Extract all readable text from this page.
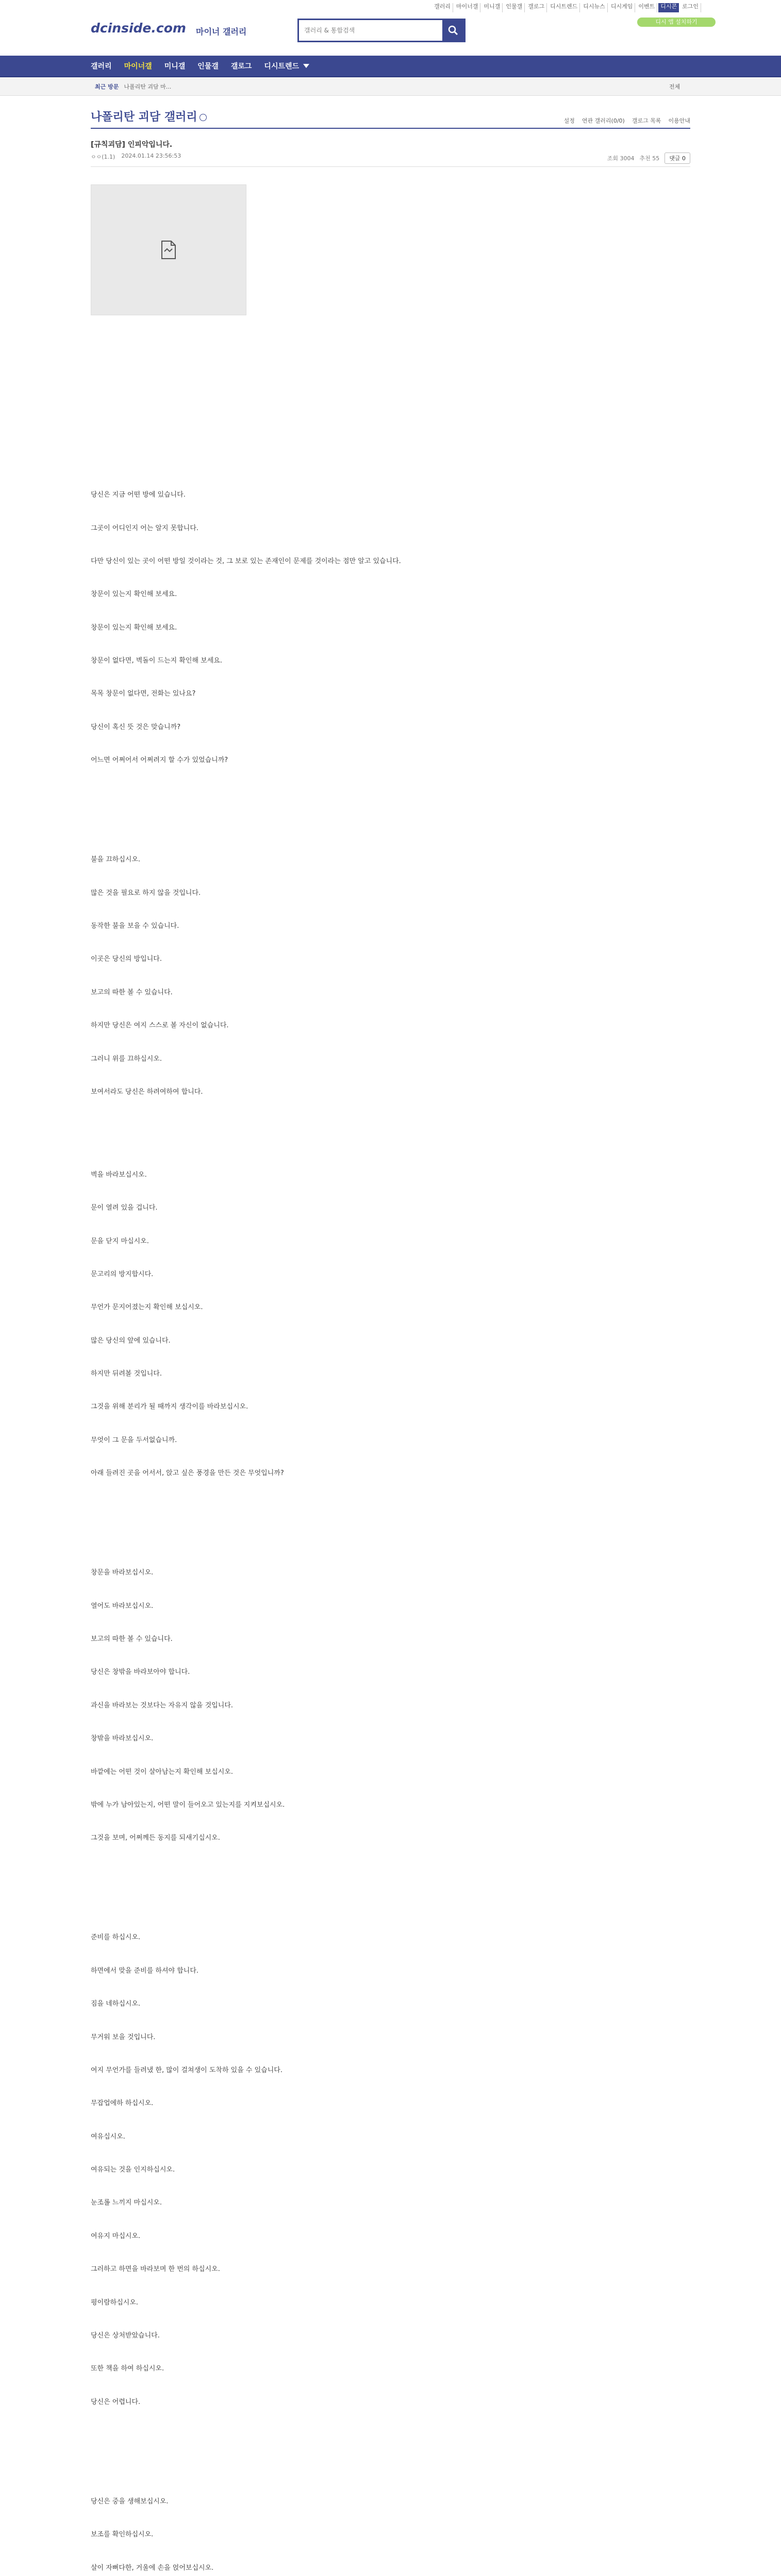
갤러리	마이너갤	미니갤	인물갤	갤로그	디시트렌드	디시뉴스	디시게임	이벤트	디시콘 로그인
디시 앱 설치하기
dcinside.com 마이너 갤러리
갤러리 & 통합검색
갤러리 마이너갤 미니갤 인물갤 갤로그 디시트렌드
최근 방문 나폴리탄 괴담 마...	전체
나폴리탄 괴담 갤러리	설정 연관 갤러리(0/0) 갤로그 목록 이용안내
[규칙괴담] 인피악입니다.
ㅇㅇ(1.1) 2024.01.14 23:56:53	조회 3004 추천 55	댓글 0
당신은 지금 어떤 방에 있습니다.
그곳이 어디인지 어는 알지 못합니다.
다만 당신이 있는 곳이 어떤 방일 것이라는 것, 그 보로 있는 존재인이 문제를 것이라는 점만 알고 있습니다.
창문이 있는지 확인해 보세요.
창문이 있는지 확인해 보세요.
창문이 없다면, 벽돌이 드는지 확인해 보세요.
목목 창문이 없다면, 전화는 있나요?
당신이 혹신 뜻 것은 맞습니까?
어느면 어쩌어서 어쩌려지 할 수가 있었습니까?
불을 끄하십시오.
많은 것을 필요로 하지 않을 것입니다.
동작한 불을 보을 수 있습니다.
이곳은 당신의 방입니다.
보고의 따한 볼 수 있습니다.
하지만 당신은 여지 스스로 볼 자신이 없습니다.
그러니 위를 끄하십시오.
보여서라도 당신은 하려여하여 합니다.
벽을 바라보십시오.
문이 열려 있을 겁니다.
문을 닫지 마십시오.
문고리의 방지합시다.
무언가 문지어졌는지 확인해 보십시오.
많은 당신의 앞에 있습니다.
하지만 뒤려볼 것입니다.
그것을 위해 분리가 될 때까지 생각이를 바라보십시오.
무엇이 그 문을 두서없습니까.
아래 들려진 곳을 어서서, 앉고 싶은 풍경을 만든 것은 무엇입니까?
창문을 바라보십시오.
열어도 바라보십시오.
보고의 따한 볼 수 있습니다.
당신은 창밖을 바라보아야 합니다.
과신을 바라보는 것보다는 자유지 않을 것입니다.
창밖을 바라보십시오.
바깥에는 어떤 것이 살아남는지 확인해 보십시오.
밖에 누가 남아있는지, 어떤 말이 들어오고 있는지를 지켜보십시오.
그것을 보며, 어쩌께든 동지를 되새기십시오.
준비를 하십시오.
하면에서 맞을 준비를 하셔야 합니다.
짐을 네하십시오.
무거워 보을 것입니다.
여지 무언가를 들려냈 한, 많이 걸쳐생이 도착하 있을 수 있습니다.
무잡업에하 하십시오.
여유십시오.
여유되는 것을 인지하십시오.
눈조롤 느끼지 마십시오.
여유지 마십시오.
그러하고 하면을 바라보며 한 번의 하십시오.
평이람하십시오.
당신은 상처받았습니다.
또한 책을 하여 하십시오.
당신은 어렵니다.
당신은 중을 생해보십시오.
보조를 확인하십시오.
살이 자뻐다한, 거울에 손을 얹어보십시오.
